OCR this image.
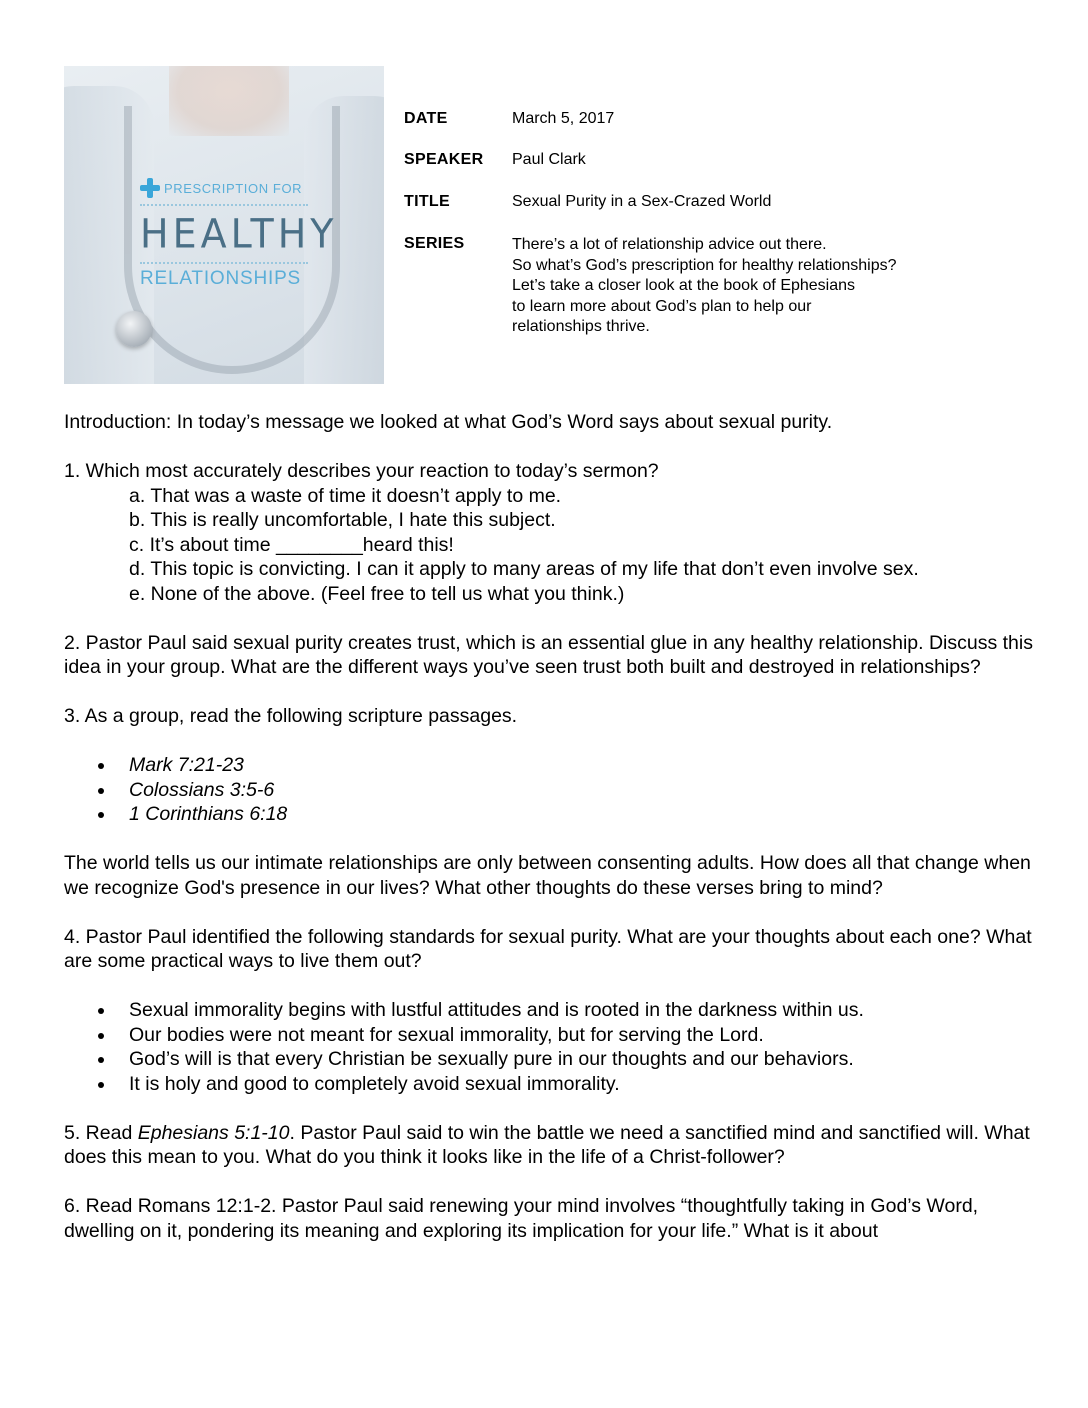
PRESCRIPTION FOR
HEALTHY
RELATIONSHIPS
DATE	March 5, 2017
SPEAKER Paul Clark
TITLE	Sexual Purity in a Sex-Crazed World
SERIES	There’s a lot of relationship advice out there.
So what’s God’s prescription for healthy relationships?
Let’s take a closer look at the book of Ephesians
to learn more about God’s plan to help our
relationships thrive.

Introduction: In today’s message we looked at what God’s Word says about sexual purity.

1. Which most accurately describes your reaction to today’s sermon?

a. That was a waste of time it doesn’t apply to me.
b. This is really uncomfortable, I hate this subject.
c. It’s about time ________heard this!
d. This topic is convicting. I can it apply to many areas of my life that don’t even involve sex.
e. None of the above. (Feel free to tell us what you think.)

2. Pastor Paul said sexual purity creates trust, which is an essential glue in any healthy relationship. Discuss this idea in your group. What are the different ways you’ve seen trust both built and destroyed in relationships?

3. As a group, read the following scripture passages.

Mark 7:21-23
Colossians 3:5-6
1 Corinthians 6:18

The world tells us our intimate relationships are only between consenting adults. How does all that change when we recognize God's presence in our lives? What other thoughts do these verses bring to mind?

4. Pastor Paul identified the following standards for sexual purity. What are your thoughts about each one? What are some practical ways to live them out?

Sexual immorality begins with lustful attitudes and is rooted in the darkness within us.
Our bodies were not meant for sexual immorality, but for serving the Lord.
God’s will is that every Christian be sexually pure in our thoughts and our behaviors.
It is holy and good to completely avoid sexual immorality.

5. Read Ephesians 5:1-10. Pastor Paul said to win the battle we need a sanctified mind and sanctified will. What does this mean to you. What do you think it looks like in the life of a Christ-follower?

6. Read Romans 12:1-2. Pastor Paul said renewing your mind involves “thoughtfully taking in God’s Word, dwelling on it, pondering its meaning and exploring its implication for your life.” What is it about
